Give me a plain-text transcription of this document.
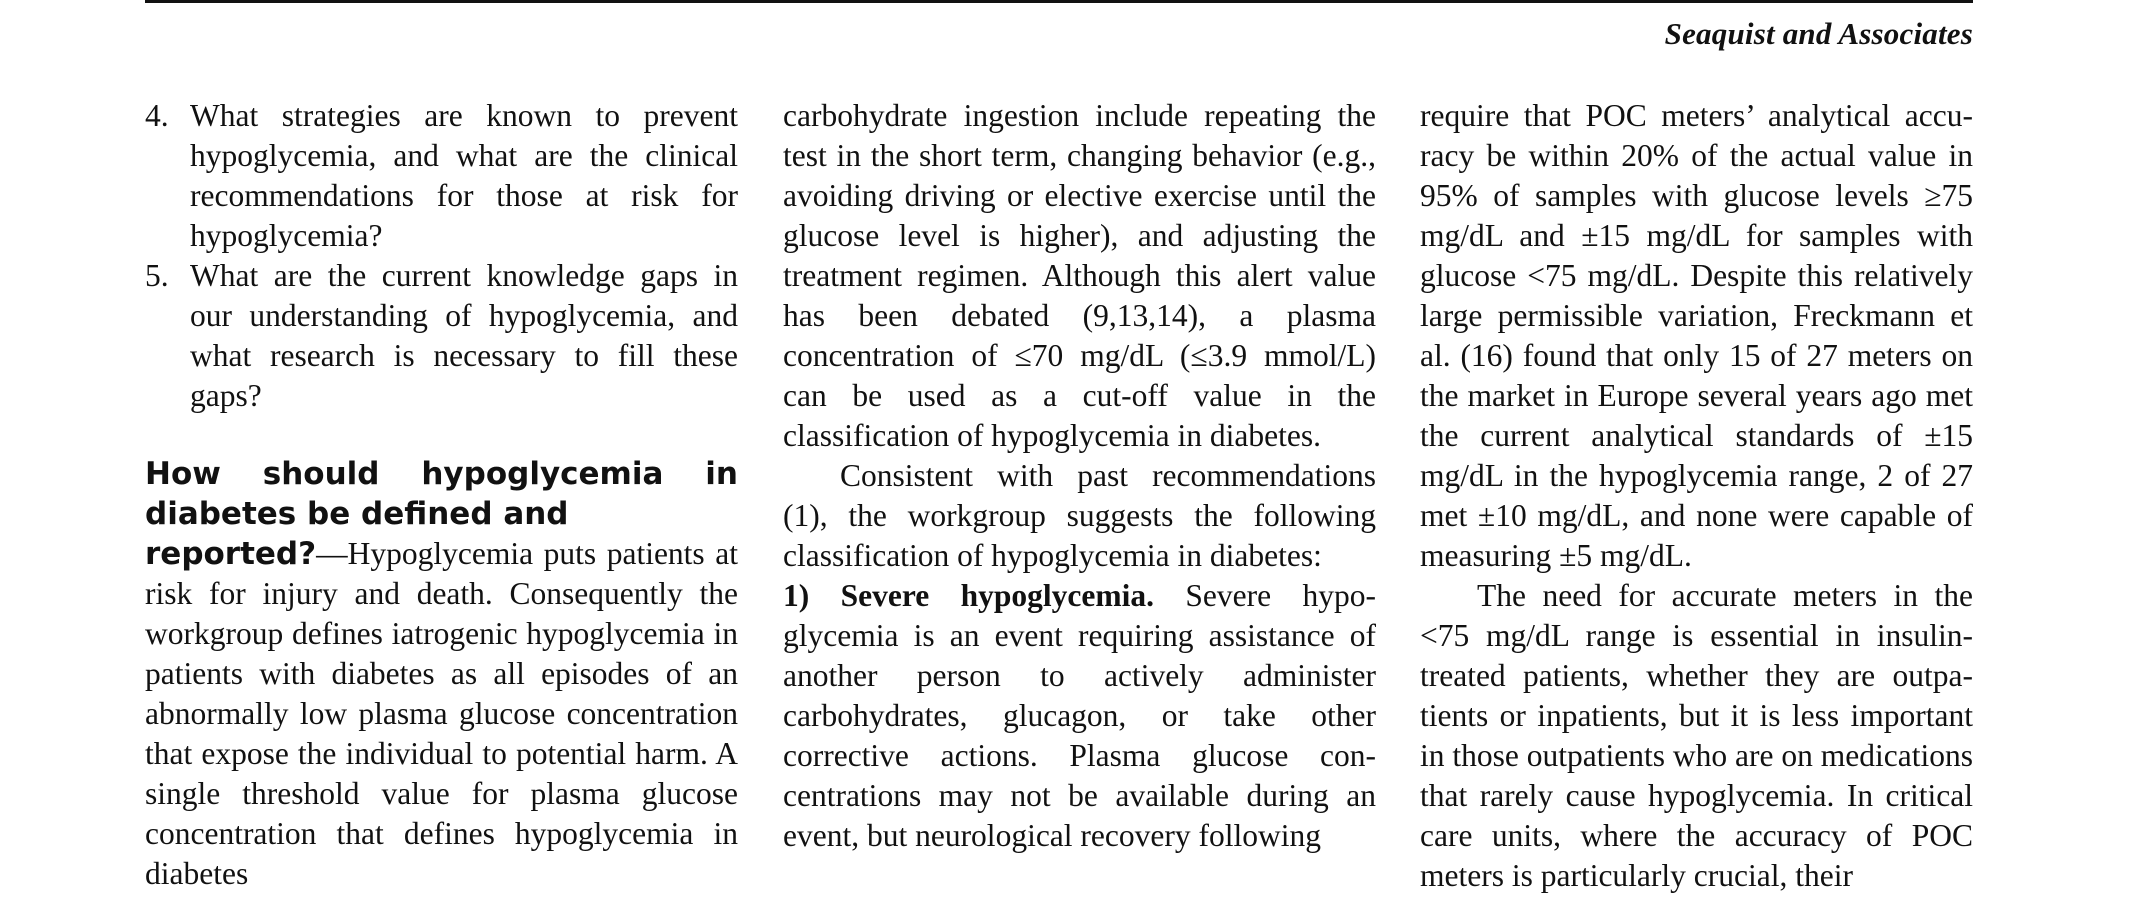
Seaquist and Associates
4. What strategies are known to prevent hypoglycemia, and what are the clinical recommendations for those at risk for hypoglycemia?
5. What are the current knowledge gaps in our understanding of hypoglycemia, and what research is necessary to fill these gaps?

How should hypoglycemia in diabetes be defined and

reported?—Hypoglycemia puts patients at risk for injury and death. Consequently the workgroup defines iatrogenic hypoglycemia in patients with diabetes as all episodes of an abnormally low plasma glucose concentration that expose the individual to potential harm. A single threshold value for plasma glucose concentration that defines hypoglycemia in diabetes

carbohydrate ingestion include repeating the test in the short term, changing behavior (e.g., avoiding driving or elective exercise until the glucose level is higher), and adjusting the treatment regimen. Although this alert value has been debated (9,13,14), a plasma concentration of ≤70 mg/dL (≤3.9 mmol/L) can be used as a cut-off value in the classification of hypoglycemia in diabetes.

Consistent with past recommendations (1), the workgroup suggests the following classification of hypoglycemia in diabetes:

1) Severe hypoglycemia. Severe hypoglycemia is an event requiring assistance of another person to actively administer carbohydrates, glucagon, or take other corrective actions. Plasma glucose concentrations may not be available during an event, but neurological recovery following

require that POC meters’ analytical accuracy be within 20% of the actual value in 95% of samples with glucose levels ≥75 mg/dL and ±15 mg/dL for samples with glucose <75 mg/dL. Despite this relatively large permissible variation, Freckmann et al. (16) found that only 15 of 27 meters on the market in Europe several years ago met the current analytical standards of ±15 mg/dL in the hypoglycemia range, 2 of 27 met ±10 mg/dL, and none were capable of measuring ±5 mg/dL.

The need for accurate meters in the <75 mg/dL range is essential in insulin-treated patients, whether they are outpatients or inpatients, but it is less important in those outpatients who are on medications that rarely cause hypoglycemia. In critical care units, where the accuracy of POC meters is particularly crucial, their
